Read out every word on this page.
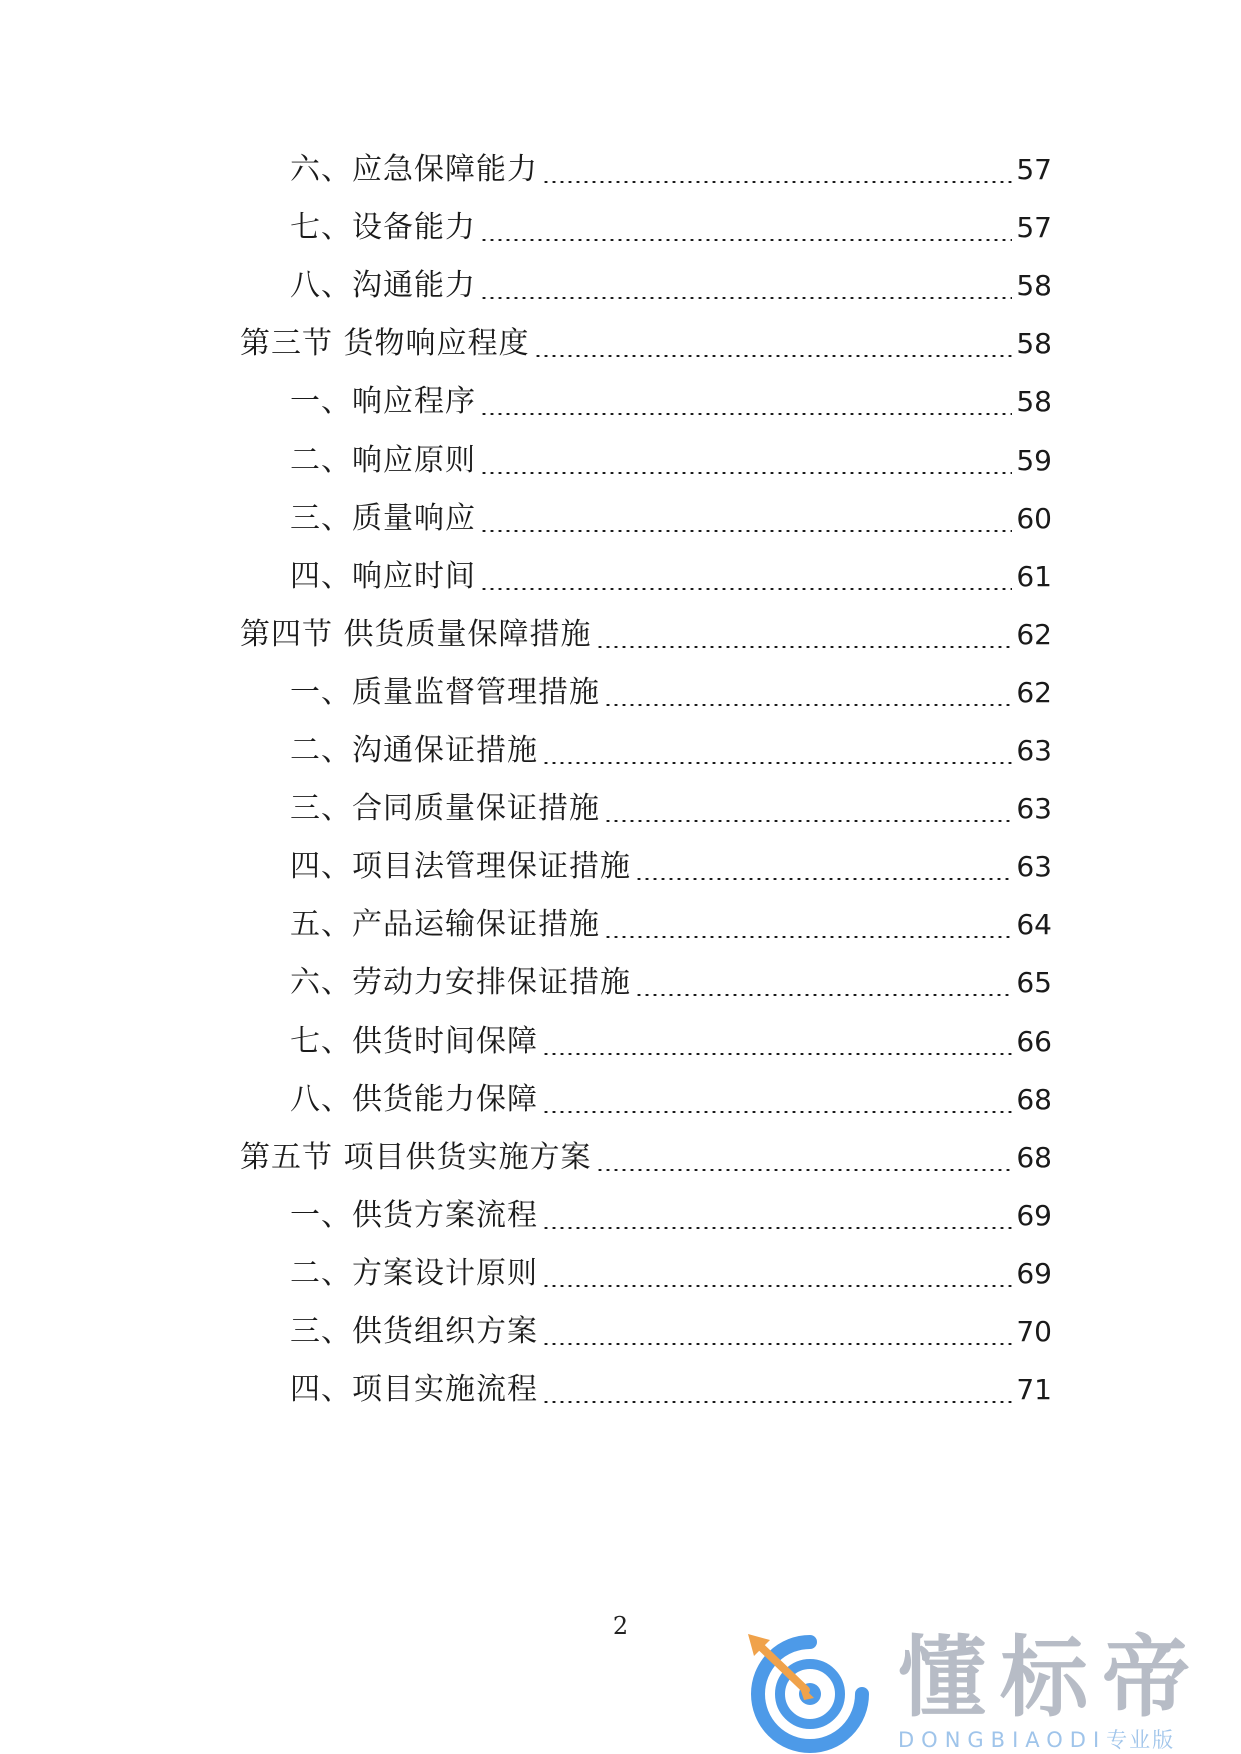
六、应急保障能力	57
七、设备能力	57
八、沟通能力	58
第三节 货物响应程度	58
一、响应程序	58
二、响应原则	59
三、质量响应	60
四、响应时间	61
第四节 供货质量保障措施	62
一、质量监督管理措施	62
二、沟通保证措施	63
三、合同质量保证措施	63
四、项目法管理保证措施	63
五、产品运输保证措施	64
六、劳动力安排保证措施	65
七、供货时间保障	66
八、供货能力保障	68
第五节 项目供货实施方案	68
一、供货方案流程	69
二、方案设计原则	69
三、供货组织方案	70
四、项目实施流程	71
2	懂标帝
DONGBIAODI专业版
